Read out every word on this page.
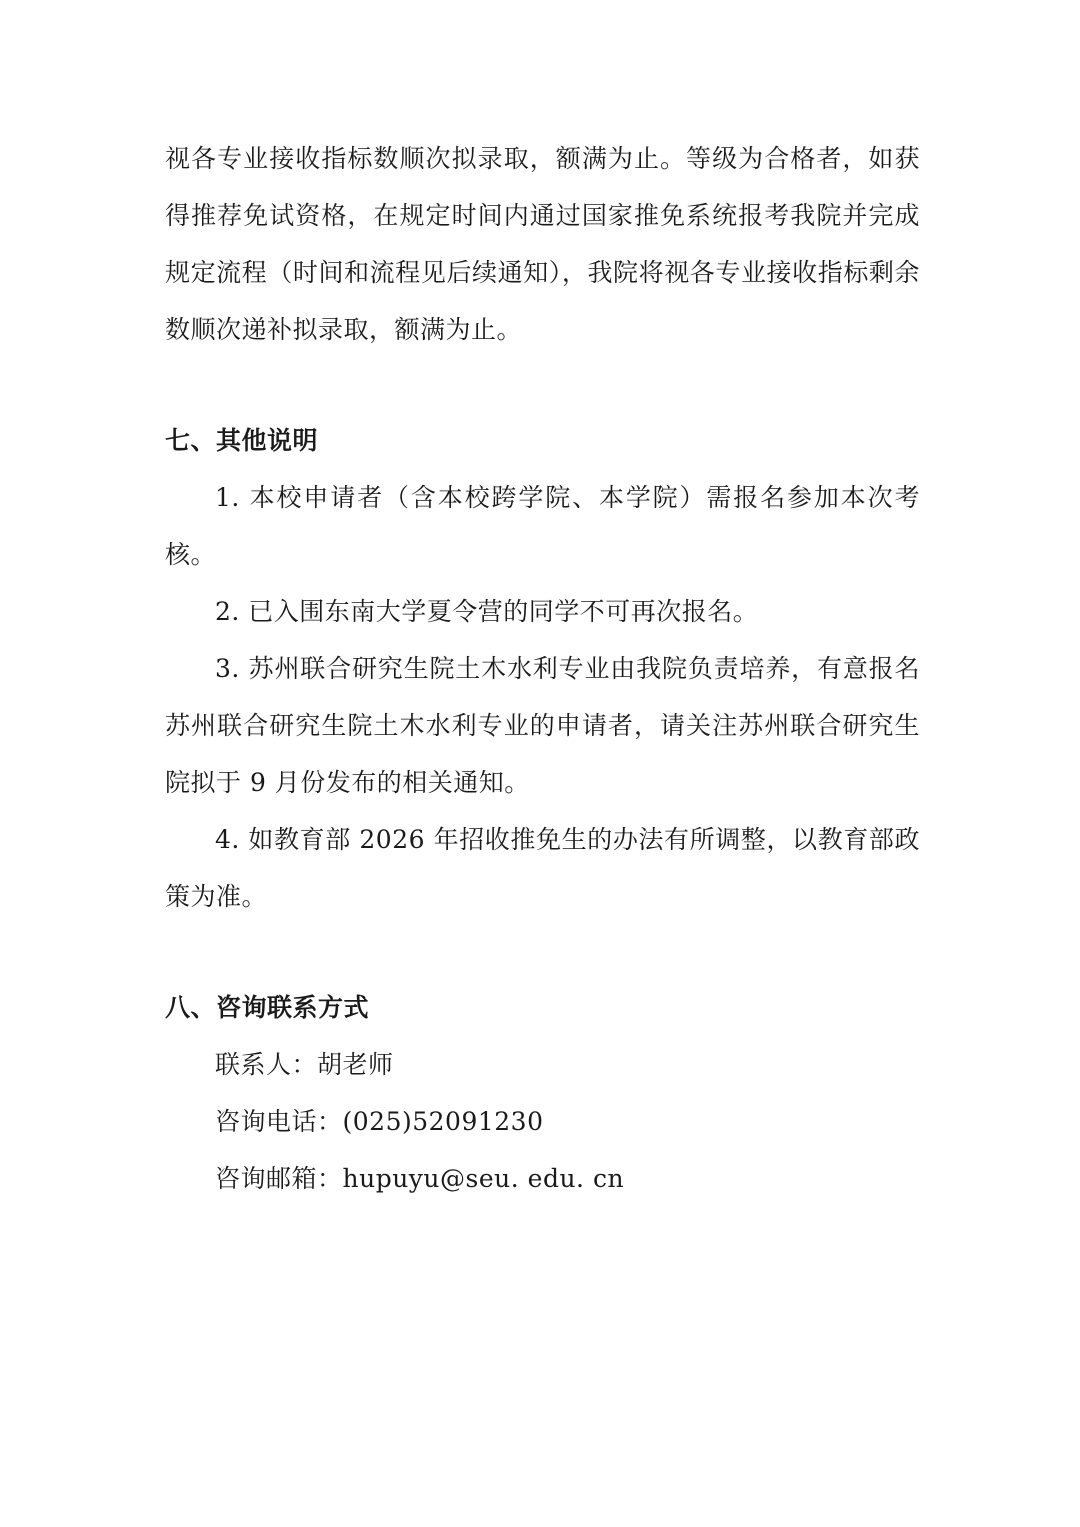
视各专业接收指标数顺次拟录取，额满为止。等级为合格者，如获得推荐免试资格，在规定时间内通过国家推免系统报考我院并完成规定流程（时间和流程见后续通知），我院将视各专业接收指标剩余数顺次递补拟录取，额满为止。

七、其他说明

1. 本校申请者（含本校跨学院、本学院）需报名参加本次考核。

2. 已入围东南大学夏令营的同学不可再次报名。

3. 苏州联合研究生院土木水利专业由我院负责培养，有意报名苏州联合研究生院土木水利专业的申请者，请关注苏州联合研究生院拟于 9 月份发布的相关通知。

4. 如教育部 2026 年招收推免生的办法有所调整，以教育部政策为准。

八、咨询联系方式

联系人：胡老师

咨询电话：(025)52091230

咨询邮箱：hupuyu@seu. edu. cn
